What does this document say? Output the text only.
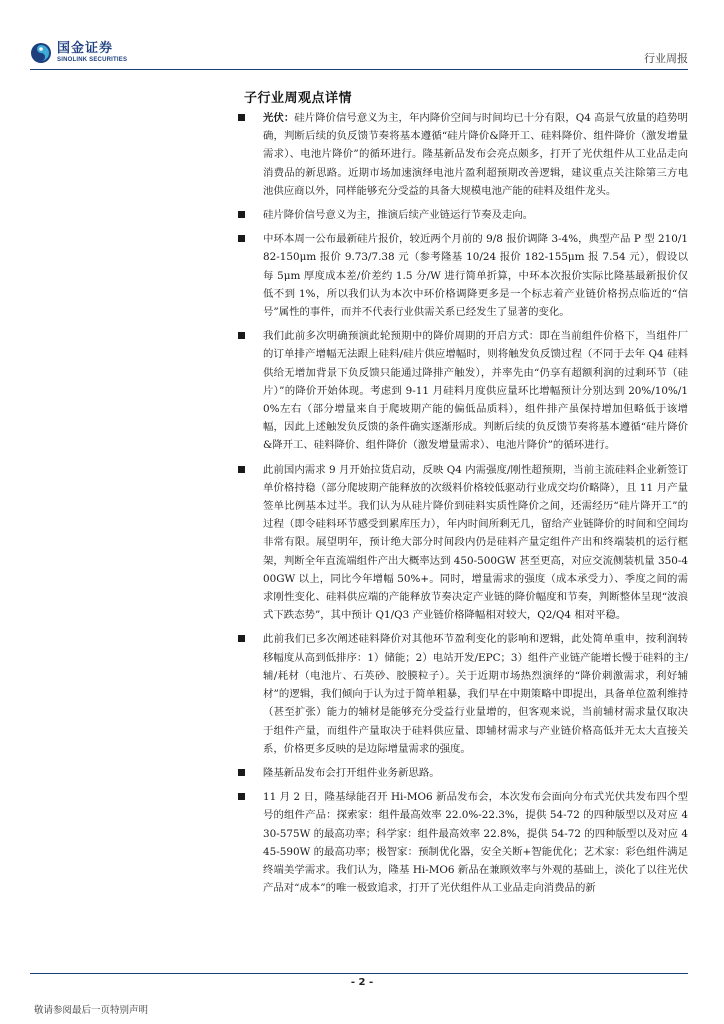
国金证券
SINOLINK SECURITIES	行业周报
子行业周观点详情
光伏：硅片降价信号意义为主，年内降价空间与时间均已十分有限，Q4 高景气放量的趋势明确，判断后续的负反馈节奏将基本遵循“硅片降价&降开工、硅料降价、组件降价（激发增量需求）、电池片降价”的循环进行。隆基新品发布会亮点颇多，打开了光伏组件从工业品走向消费品的新思路。近期市场加速演绎电池片盈利超预期改善逻辑，建议重点关注除第三方电池供应商以外，同样能够充分受益的具备大规模电池产能的硅料及组件龙头。
硅片降价信号意义为主，推演后续产业链运行节奏及走向。
中环本周一公布最新硅片报价，较近两个月前的 9/8 报价调降 3-4%，典型产品 P 型 210/182-150μm 报价 9.73/7.38 元（参考隆基 10/24 报价 182-155μm 报 7.54 元），假设以每 5μm 厚度成本差/价差约 1.5 分/W 进行简单折算，中环本次报价实际比隆基最新报价仅低不到 1%，所以我们认为本次中环价格调降更多是一个标志着产业链价格拐点临近的“信号”属性的事件，而并不代表行业供需关系已经发生了显著的变化。
我们此前多次明确预演此轮预期中的降价周期的开启方式：即在当前组件价格下，当组件厂的订单排产增幅无法跟上硅料/硅片供应增幅时，则将触发负反馈过程（不同于去年 Q4 硅料供给无增加背景下负反馈只能通过降排产触发），并率先由“仍享有超额利润的过剩环节（硅片）”的降价开始体现。考虑到 9-11 月硅料月度供应量环比增幅预计分别达到 20%/10%/10%左右（部分增量来自于爬坡期产能的偏低品质料），组件排产虽保持增加但略低于该增幅，因此上述触发负反馈的条件确实逐渐形成。判断后续的负反馈节奏将基本遵循“硅片降价&降开工、硅料降价、组件降价（激发增量需求）、电池片降价”的循环进行。
此前国内需求 9 月开始拉货启动，反映 Q4 内需强度/刚性超预期，当前主流硅料企业新签订单价格持稳（部分爬坡期产能释放的次级料价格较低驱动行业成交均价略降），且 11 月产量签单比例基本过半。我们认为从硅片降价到硅料实质性降价之间，还需经历“硅片降开工”的过程（即令硅料环节感受到累库压力），年内时间所剩无几，留给产业链降价的时间和空间均非常有限。展望明年，预计绝大部分时间段内仍是硅料产量定组件产出和终端装机的运行框架，判断全年直流端组件产出大概率达到 450-500GW 甚至更高，对应交流侧装机量 350-400GW 以上，同比今年增幅 50%+。同时，增量需求的强度（成本承受力）、季度之间的需求刚性变化、硅料供应端的产能释放节奏决定产业链的降价幅度和节奏，判断整体呈现“波浪式下跌态势”，其中预计 Q1/Q3 产业链价格降幅相对较大，Q2/Q4 相对平稳。
此前我们已多次阐述硅料降价对其他环节盈利变化的影响和逻辑，此处简单重申，按利润转移幅度从高到低排序：1）储能；2）电站开发/EPC；3）组件产业链产能增长慢于硅料的主/辅/耗材（电池片、石英砂、胶膜粒子）。关于近期市场热烈演绎的“降价刺激需求，利好辅材”的逻辑，我们倾向于认为过于简单粗暴，我们早在中期策略中即提出，具备单位盈利维持（甚至扩张）能力的辅材是能够充分受益行业量增的，但客观来说，当前辅材需求量仅取决于组件产量，而组件产量取决于硅料供应量、即辅材需求与产业链价格高低并无太大直接关系，价格更多反映的是边际增量需求的强度。
隆基新品发布会打开组件业务新思路。
11 月 2 日，隆基绿能召开 Hi-MO6 新品发布会，本次发布会面向分布式光伏共发布四个型号的组件产品：探索家：组件最高效率 22.0%-22.3%，提供 54-72 的四种版型以及对应 430-575W 的最高功率；科学家：组件最高效率 22.8%，提供 54-72 的四种版型以及对应 445-590W 的最高功率；极智家：预制优化器，安全关断+智能优化；艺术家：彩色组件满足终端美学需求。我们认为，隆基 Hi-MO6 新品在兼顾效率与外观的基础上，淡化了以往光伏产品对“成本”的唯一极致追求，打开了光伏组件从工业品走向消费品的新
- 2 -
敬请参阅最后一页特别声明
